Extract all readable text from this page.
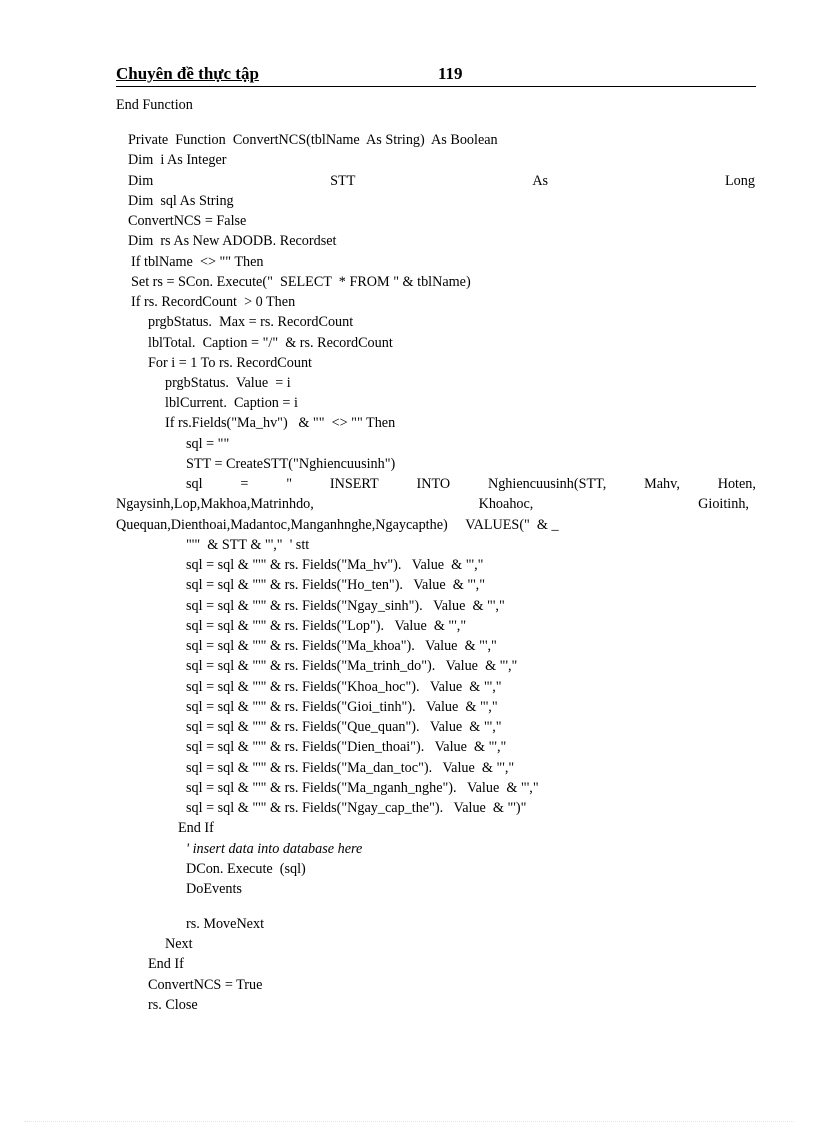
Chuyên đề thực tập	119
End Function
Private  Function  ConvertNCS(tblName  As String)  As Boolean
Dim  i As Integer
Dim	STT	As	Long
Dim  sql As String
ConvertNCS = False
Dim  rs As New ADODB. Recordset
If tblName  <> "" Then
Set rs = SCon. Execute("  SELECT  * FROM " & tblName)
If rs. RecordCount  > 0 Then
prgbStatus.  Max = rs. RecordCount
lblTotal.  Caption = "/"  & rs. RecordCount
For i = 1 To rs. RecordCount
prgbStatus.  Value  = i
lblCurrent.  Caption = i
If rs.Fields("Ma_hv")   & ""  <> "" Then
sql = ""
STT = CreateSTT("Nghiencuusinh")
sql	=	"	INSERT	INTO	Nghiencuusinh(STT,	Mahv,	Hoten,
Ngaysinh,Lop,Makhoa,Matrinhdo,	Khoahoc,	Gioitinh,
Quequan,Dienthoai,Madantoc,Manganhnghe,Ngaycapthe)     VALUES("  & _
"'"  & STT & "',"  ' stt
sql = sql & "'" & rs. Fields("Ma_hv").   Value  & "',"
sql = sql & "'" & rs. Fields("Ho_ten").   Value  & "',"
sql = sql & "'" & rs. Fields("Ngay_sinh").   Value  & "',"
sql = sql & "'" & rs. Fields("Lop").   Value  & "',"
sql = sql & "'" & rs. Fields("Ma_khoa").   Value  & "',"
sql = sql & "'" & rs. Fields("Ma_trinh_do").   Value  & "',"
sql = sql & "'" & rs. Fields("Khoa_hoc").   Value  & "',"
sql = sql & "'" & rs. Fields("Gioi_tinh").   Value  & "',"
sql = sql & "'" & rs. Fields("Que_quan").   Value  & "',"
sql = sql & "'" & rs. Fields("Dien_thoai").   Value  & "',"
sql = sql & "'" & rs. Fields("Ma_dan_toc").   Value  & "',"
sql = sql & "'" & rs. Fields("Ma_nganh_nghe").   Value  & "',"
sql = sql & "'" & rs. Fields("Ngay_cap_the").   Value  & "')"
End If
' insert data into database here
DCon. Execute  (sql)
DoEvents
rs. MoveNext
Next
End If
ConvertNCS = True
rs. Close
